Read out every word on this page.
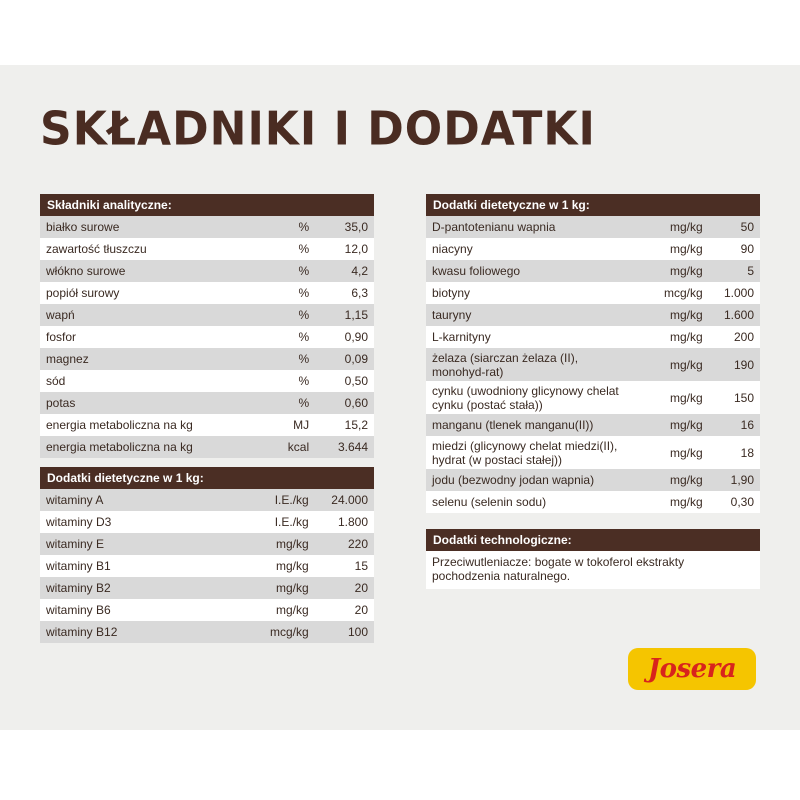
SKŁADNIKI I DODATKI
Składniki analityczne:		
białko surowe	%	35,0
zawartość tłuszczu	%	12,0
włókno surowe	%	4,2
popiół surowy	%	6,3
wapń	%	1,15
fosfor	%	0,90
magnez	%	0,09
sód	%	0,50
potas	%	0,60
energia metaboliczna na kg	MJ	15,2
energia metaboliczna na kg	kcal	3.644
Dodatki dietetyczne w 1 kg:		
witaminy A	I.E./kg	24.000
witaminy D3	I.E./kg	1.800
witaminy E	mg/kg	220
witaminy B1	mg/kg	15
witaminy B2	mg/kg	20
witaminy B6	mg/kg	20
witaminy B12	mcg/kg	100
Dodatki dietetyczne w 1 kg:		
D-pantotenianu wapnia	mg/kg	50
niacyny	mg/kg	90
kwasu foliowego	mg/kg	5
biotyny	mcg/kg	1.000
tauryny	mg/kg	1.600
L-karnityny	mg/kg	200
żelaza (siarczan żelaza (II), monohyd-rat)	mg/kg	190
cynku (uwodniony glicynowy chelat cynku (postać stała))	mg/kg	150
manganu (tlenek manganu(II))	mg/kg	16
miedzi (glicynowy chelat miedzi(II), hydrat (w postaci stałej))	mg/kg	18
jodu (bezwodny jodan wapnia)	mg/kg	1,90
selenu (selenin sodu)	mg/kg	0,30
Dodatki technologiczne:
Przeciwutleniacze: bogate w tokoferol ekstrakty pochodzenia naturalnego.
Josera
